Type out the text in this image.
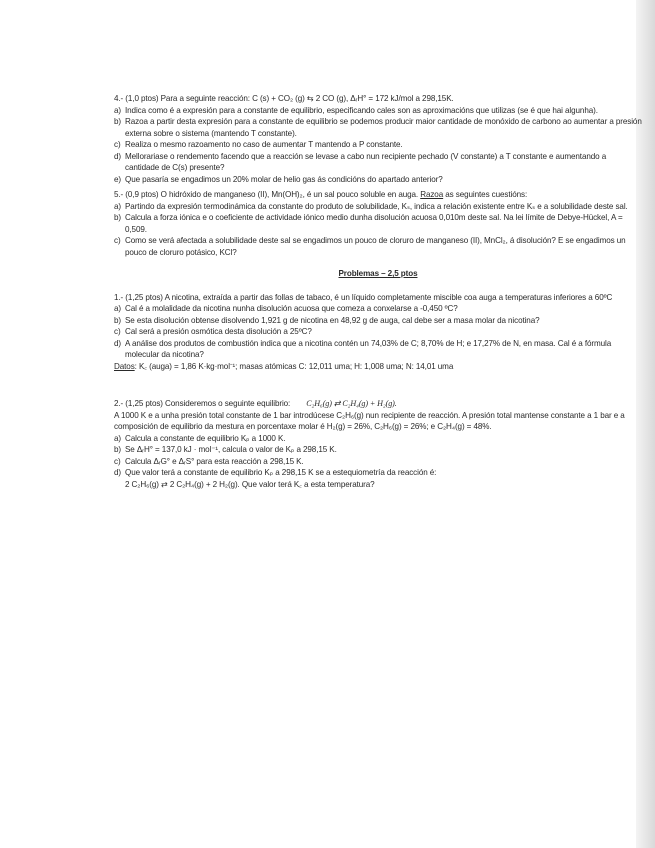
4.- (1,0 ptos) Para a seguinte reacción: C (s) + CO₂ (g) ⇆ 2 CO (g), ΔᵣH° = 172 kJ/mol a 298,15K.

a) Indica como é a expresión para a constante de equilibrio, especificando cales son as aproximacións que utilizas (se é que hai algunha).
b) Razoa a partir desta expresión para a constante de equilibrio se podemos producir maior cantidade de monóxido de carbono ao aumentar a presión externa sobre o sistema (mantendo T constante).
c) Realiza o mesmo razoamento no caso de aumentar T mantendo a P constante.
d) Mellorariase o rendemento facendo que a reacción se levase a cabo nun recipiente pechado (V constante) a T constante e aumentando a cantidade de C(s) presente?
e) Que pasaría se engadimos un 20% molar de helio gas ás condicións do apartado anterior?

5.- (0,9 ptos) O hidróxido de manganeso (II), Mn(OH)₂, é un sal pouco soluble en auga. Razoa as seguintes cuestións:

a) Partindo da expresión termodinámica da constante do produto de solubilidade, Kₛ, indica a relación existente entre Kₛ e a solubilidade deste sal.
b) Calcula a forza iónica e o coeficiente de actividade iónico medio dunha disolución acuosa 0,010m deste sal. Na lei límite de Debye-Hückel, A = 0,509.
c) Como se verá afectada a solubilidade deste sal se engadimos un pouco de cloruro de manganeso (II), MnCl₂, á disolución? E se engadimos un pouco de cloruro potásico, KCl?

Problemas – 2,5 ptos

1.- (1,25 ptos) A nicotina, extraída a partir das follas de tabaco, é un líquido completamente miscible coa auga a temperaturas inferiores a 60ºC

a) Cal é a molalidade da nicotina nunha disolución acuosa que comeza a conxelarse a -0,450 ºC?
b) Se esta disolución obtense disolvendo 1,921 g de nicotina en 48,92 g de auga, cal debe ser a masa molar da nicotina?
c) Cal será a presión osmótica desta disolución a 25ºC?
d) A análise dos produtos de combustión indica que a nicotina contén un 74,03% de C; 8,70% de H; e 17,27% de N, en masa. Cal é a fórmula molecular da nicotina?

Datos: K꜀ (auga) = 1,86 K·kg·mol⁻¹; masas atómicas C: 12,011 uma; H: 1,008 uma; N: 14,01 uma

2.- (1,25 ptos) Consideremos o seguinte equilibrio: C₂H₆(g) ⇄ C₂H₄(g) + H₂(g).

A 1000 K e a unha presión total constante de 1 bar introdúcese C₂H₆(g) nun recipiente de reacción. A presión total mantense constante a 1 bar e a composición de equilibrio da mestura en porcentaxe molar é H₂(g) = 26%, C₂H₆(g) = 26%; e C₂H₄(g) = 48%.

a) Calcula a constante de equilibrio Kₚ a 1000 K.
b) Se ΔᵣH° = 137,0 kJ · mol⁻¹, calcula o valor de Kₚ a 298,15 K.
c) Calcula ΔᵣG° e ΔᵣS° para esta reacción a 298,15 K.
d) Que valor terá a constante de equilibrio Kₚ a 298,15 K se a estequiometría da reacción é:
2 C₂H₆(g) ⇄ 2 C₂H₄(g) + 2 H₂(g). Que valor terá K꜀ a esta temperatura?
